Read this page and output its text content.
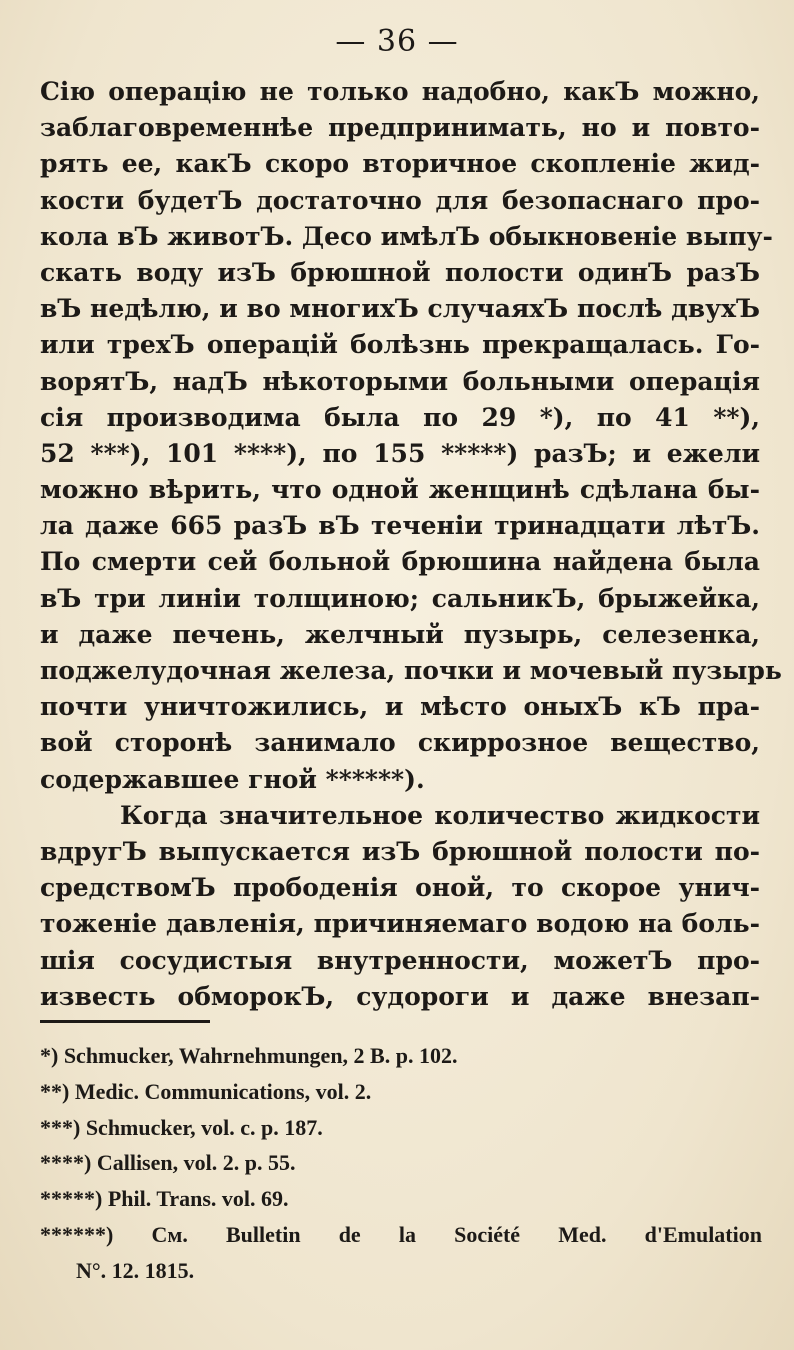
— 36 —
Сію операцію не только надобно, какЪ можно,
заблаговременнѣе предпринимать, но и повто-
рять ее, какЪ скоро вторичное скопленіе жид-
кости будетЪ достаточно для безопаснаго про-
кола вЪ животЪ. Десо имѣлЪ обыкновеніе выпу-
скать воду изЪ брюшной полости одинЪ разЪ
вЪ недѣлю, и во многихЪ случаяхЪ послѣ двухЪ
или трехЪ операцій болѣзнь прекращалась. Го-
ворятЪ, надЪ нѣкоторыми больными операція
сія производима была по 29 *), по 41 **),
52 ***), 101 ****), по 155 *****) разЪ; и ежели
можно вѣрить, что одной женщинѣ сдѣлана бы-
ла даже 665 разЪ вЪ теченіи тринадцати лѣтЪ.
По смерти сей больной брюшина найдена была
вЪ три линіи толщиною; сальникЪ, брыжейка,
и даже печень, желчный пузырь, селезенка,
поджелудочная железа, почки и мочевый пузырь
почти уничтожились, и мѣсто оныхЪ кЪ пра-
вой сторонѣ занимало скиррозное вещество,
содержавшее гной ******).
Когда значительное количество жидкости
вдругЪ выпускается изЪ брюшной полости по-
средствомЪ прободенія оной, то скорое унич-
тоженіе давленія, причиняемаго водою на боль-
шія сосудистыя внутренности, можетЪ про-
известь обморокЪ, судороги и даже внезап-
*) Schmucker, Wahrnehmungen, 2 B. p. 102.
**) Medic. Communications, vol. 2.
***) Schmucker, vol. c. p. 187.
****) Callisen, vol. 2. p. 55.
*****) Phil. Trans. vol. 69.
******) См. Bulletin de la Société Med. d'Emulation
N°. 12. 1815.
